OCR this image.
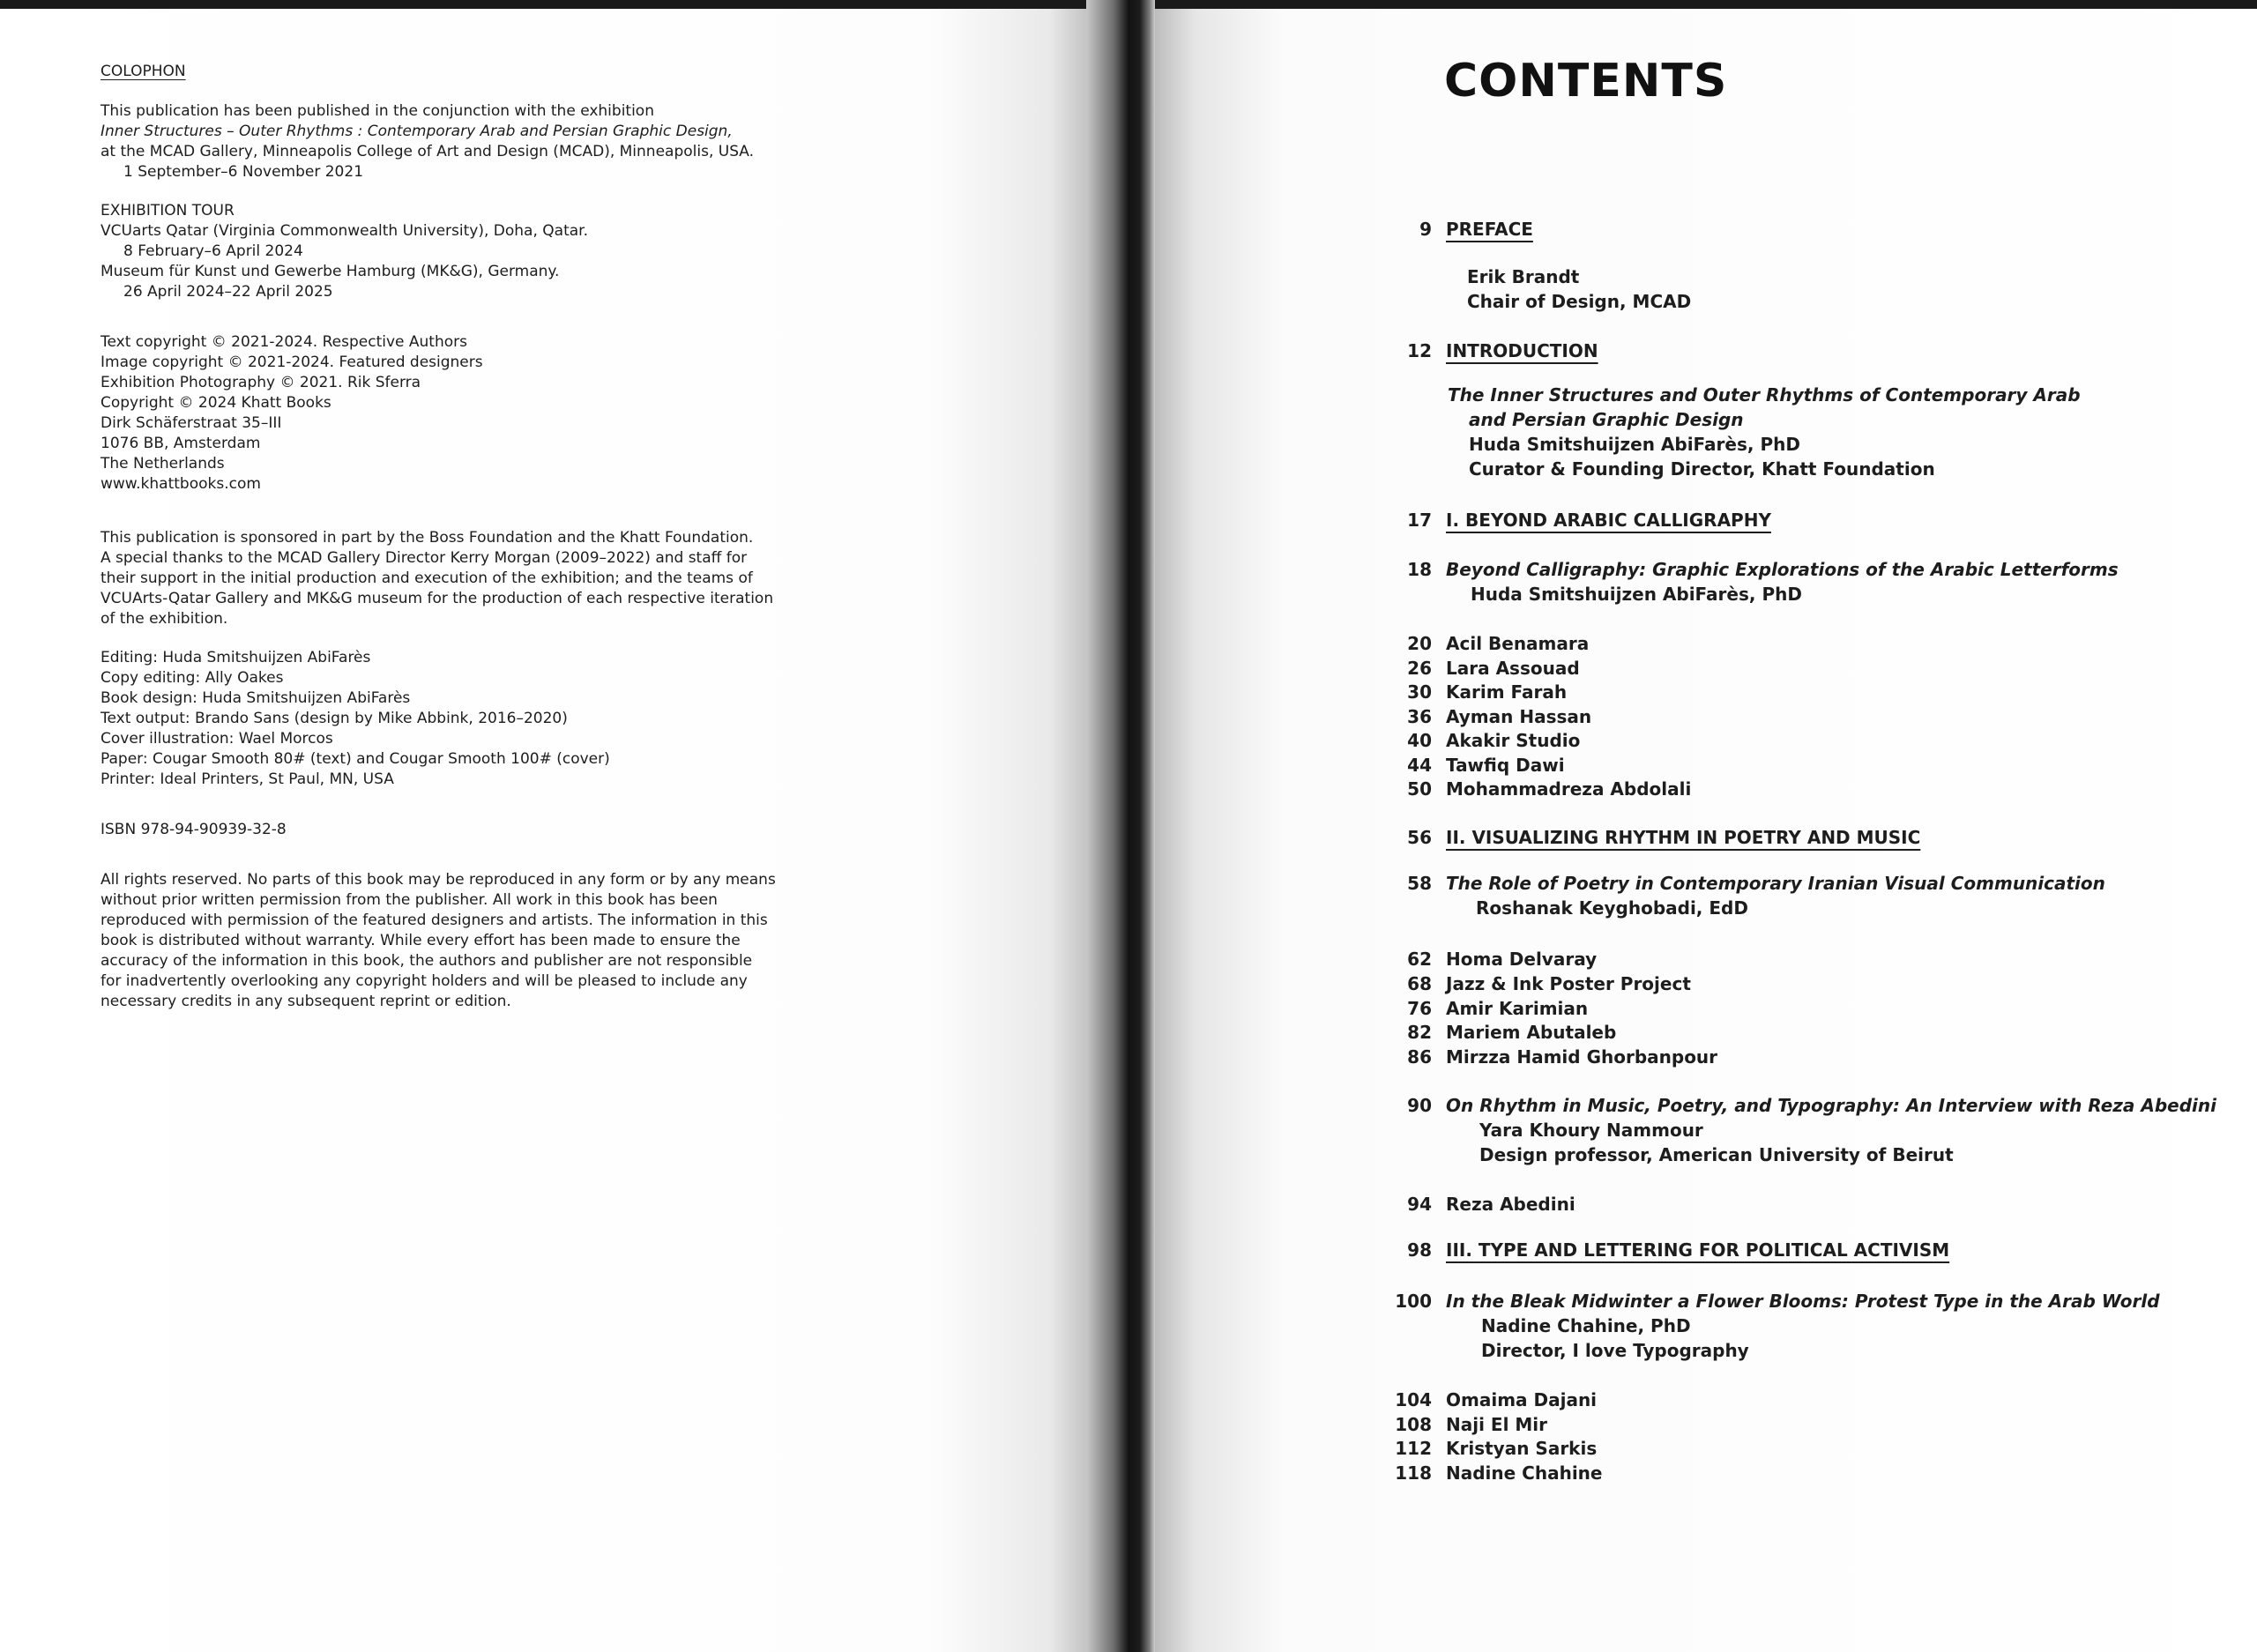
COLOPHON
This publication has been published in the conjunction with the exhibition
Inner Structures – Outer Rhythms : Contemporary Arab and Persian Graphic Design,
at the MCAD Gallery, Minneapolis College of Art and Design (MCAD), Minneapolis, USA.
1 September–6 November 2021
EXHIBITION TOUR
VCUarts Qatar (Virginia Commonwealth University), Doha, Qatar.
8 February–6 April 2024
Museum für Kunst und Gewerbe Hamburg (MK&G), Germany.
26 April 2024–22 April 2025
Text copyright © 2021-2024. Respective Authors
Image copyright © 2021-2024. Featured designers
Exhibition Photography © 2021. Rik Sferra
Copyright © 2024 Khatt Books
Dirk Schäferstraat 35–III
1076 BB, Amsterdam
The Netherlands
www.khattbooks.com
This publication is sponsored in part by the Boss Foundation and the Khatt Foundation.
A special thanks to the MCAD Gallery Director Kerry Morgan (2009–2022) and staff for
their support in the initial production and execution of the exhibition; and the teams of
VCUArts-Qatar Gallery and MK&G museum for the production of each respective iteration
of the exhibition.
Editing: Huda Smitshuijzen AbiFarès
Copy editing: Ally Oakes
Book design: Huda Smitshuijzen AbiFarès
Text output: Brando Sans (design by Mike Abbink, 2016–2020)
Cover illustration: Wael Morcos
Paper: Cougar Smooth 80# (text) and Cougar Smooth 100# (cover)
Printer: Ideal Printers, St Paul, MN, USA
ISBN 978-94-90939-32-8
All rights reserved. No parts of this book may be reproduced in any form or by any means
without prior written permission from the publisher. All work in this book has been
reproduced with permission of the featured designers and artists. The information in this
book is distributed without warranty. While every effort has been made to ensure the
accuracy of the information in this book, the authors and publisher are not responsible
for inadvertently overlooking any copyright holders and will be pleased to include any
necessary credits in any subsequent reprint or edition.
CONTENTS
9 PREFACE
Erik Brandt
Chair of Design, MCAD
12 INTRODUCTION
The Inner Structures and Outer Rhythms of Contemporary Arab
and Persian Graphic Design
Huda Smitshuijzen AbiFarès, PhD
Curator & Founding Director, Khatt Foundation
17 I. BEYOND ARABIC CALLIGRAPHY
18 Beyond Calligraphy: Graphic Explorations of the Arabic Letterforms
Huda Smitshuijzen AbiFarès, PhD
20 Acil Benamara
26 Lara Assouad
30 Karim Farah
36 Ayman Hassan
40 Akakir Studio
44 Tawfiq Dawi
50 Mohammadreza Abdolali
56 II. VISUALIZING RHYTHM IN POETRY AND MUSIC
58 The Role of Poetry in Contemporary Iranian Visual Communication
Roshanak Keyghobadi, EdD
62 Homa Delvaray
68 Jazz & Ink Poster Project
76 Amir Karimian
82 Mariem Abutaleb
86 Mirzza Hamid Ghorbanpour
90 On Rhythm in Music, Poetry, and Typography: An Interview with Reza Abedini
Yara Khoury Nammour
Design professor, American University of Beirut
94 Reza Abedini
98 III. TYPE AND LETTERING FOR POLITICAL ACTIVISM
100 In the Bleak Midwinter a Flower Blooms: Protest Type in the Arab World
Nadine Chahine, PhD
Director, I love Typography
104 Omaima Dajani
108 Naji El Mir
112 Kristyan Sarkis
118 Nadine Chahine
